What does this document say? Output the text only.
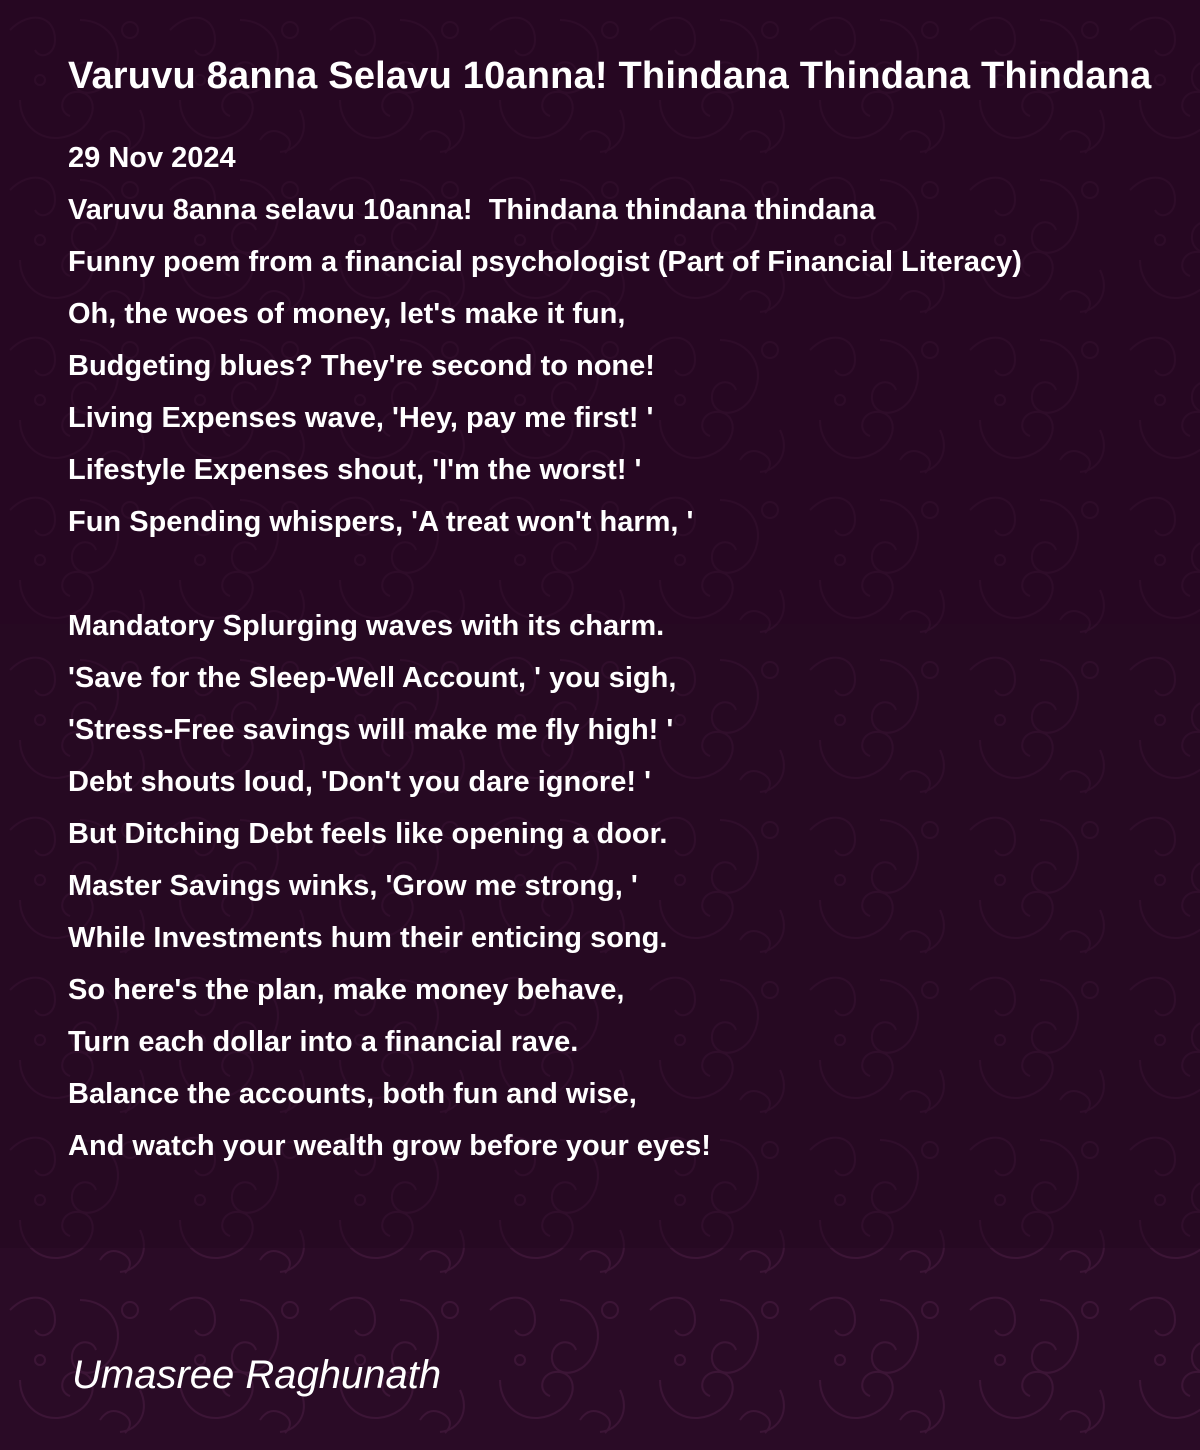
Varuvu 8anna Selavu 10anna! Thindana Thindana Thindana
29 Nov 2024
Varuvu 8anna selavu 10anna!  Thindana thindana thindana
Funny poem from a financial psychologist (Part of Financial Literacy)
Oh, the woes of money, let's make it fun,
Budgeting blues? They're second to none!
Living Expenses wave, 'Hey, pay me first! '
Lifestyle Expenses shout, 'I'm the worst! '
Fun Spending whispers, 'A treat won't harm, '
Mandatory Splurging waves with its charm.
'Save for the Sleep-Well Account, ' you sigh,
'Stress-Free savings will make me fly high! '
Debt shouts loud, 'Don't you dare ignore! '
But Ditching Debt feels like opening a door.
Master Savings winks, 'Grow me strong, '
While Investments hum their enticing song.
So here's the plan, make money behave,
Turn each dollar into a financial rave.
Balance the accounts, both fun and wise,
And watch your wealth grow before your eyes!
Umasree Raghunath
